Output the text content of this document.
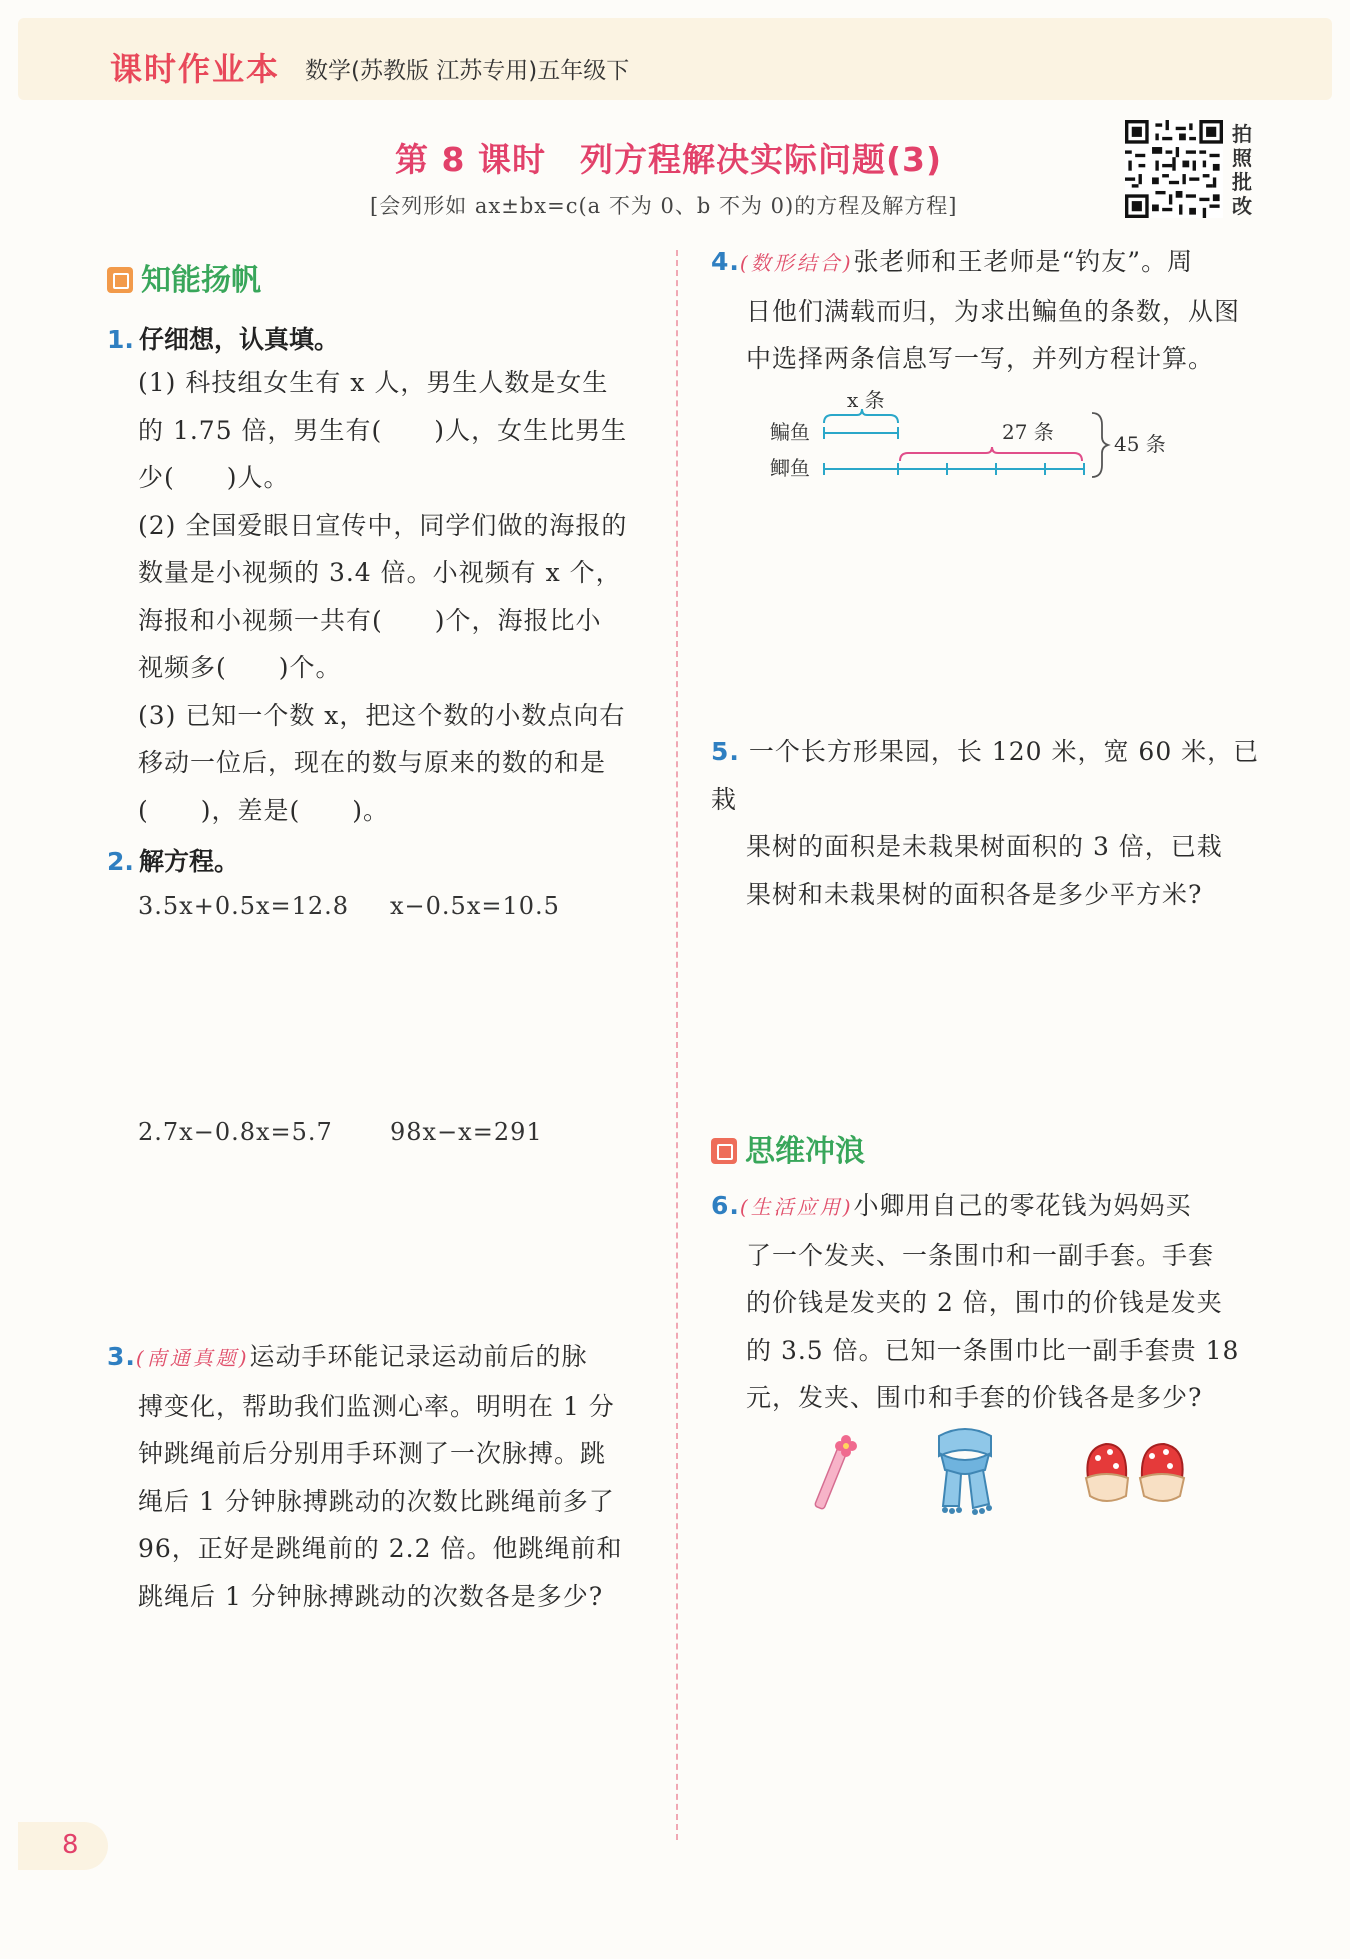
课时作业本 数学(苏教版 江苏专用)五年级下
第 8 课时 列方程解决实际问题(3)
[会列形如 ax±bx=c(a 不为 0、b 不为 0)的方程及解方程]
拍照批改
知能扬帆
1. 仔细想，认真填。
(1) 科技组女生有 x 人，男生人数是女生
的 1.75 倍，男生有(　　)人，女生比男生
少(　　)人。
(2) 全国爱眼日宣传中，同学们做的海报的
数量是小视频的 3.4 倍。小视频有 x 个，
海报和小视频一共有(　　)个，海报比小
视频多(　　)个。
(3) 已知一个数 x，把这个数的小数点向右
移动一位后，现在的数与原来的数的和是
(　　)，差是(　　)。
2. 解方程。
3.5x+0.5x=12.8 x−0.5x=10.5
2.7x−0.8x=5.7 98x−x=291
3.(南通真题)运动手环能记录运动前后的脉
搏变化，帮助我们监测心率。明明在 1 分
钟跳绳前后分别用手环测了一次脉搏。跳
绳后 1 分钟脉搏跳动的次数比跳绳前多了
96，正好是跳绳前的 2.2 倍。他跳绳前和
跳绳后 1 分钟脉搏跳动的次数各是多少?
4.(数形结合)张老师和王老师是“钓友”。周
日他们满载而归，为求出鳊鱼的条数，从图
中选择两条信息写一写，并列方程计算。
x 条
鳊鱼	27 条
鲫鱼
45 条
5. 一个长方形果园，长 120 米，宽 60 米，已栽
果树的面积是未栽果树面积的 3 倍，已栽
果树和未栽果树的面积各是多少平方米?
思维冲浪
6.(生活应用)小卿用自己的零花钱为妈妈买
了一个发夹、一条围巾和一副手套。手套
的价钱是发夹的 2 倍，围巾的价钱是发夹
的 3.5 倍。已知一条围巾比一副手套贵 18
元，发夹、围巾和手套的价钱各是多少?
8
